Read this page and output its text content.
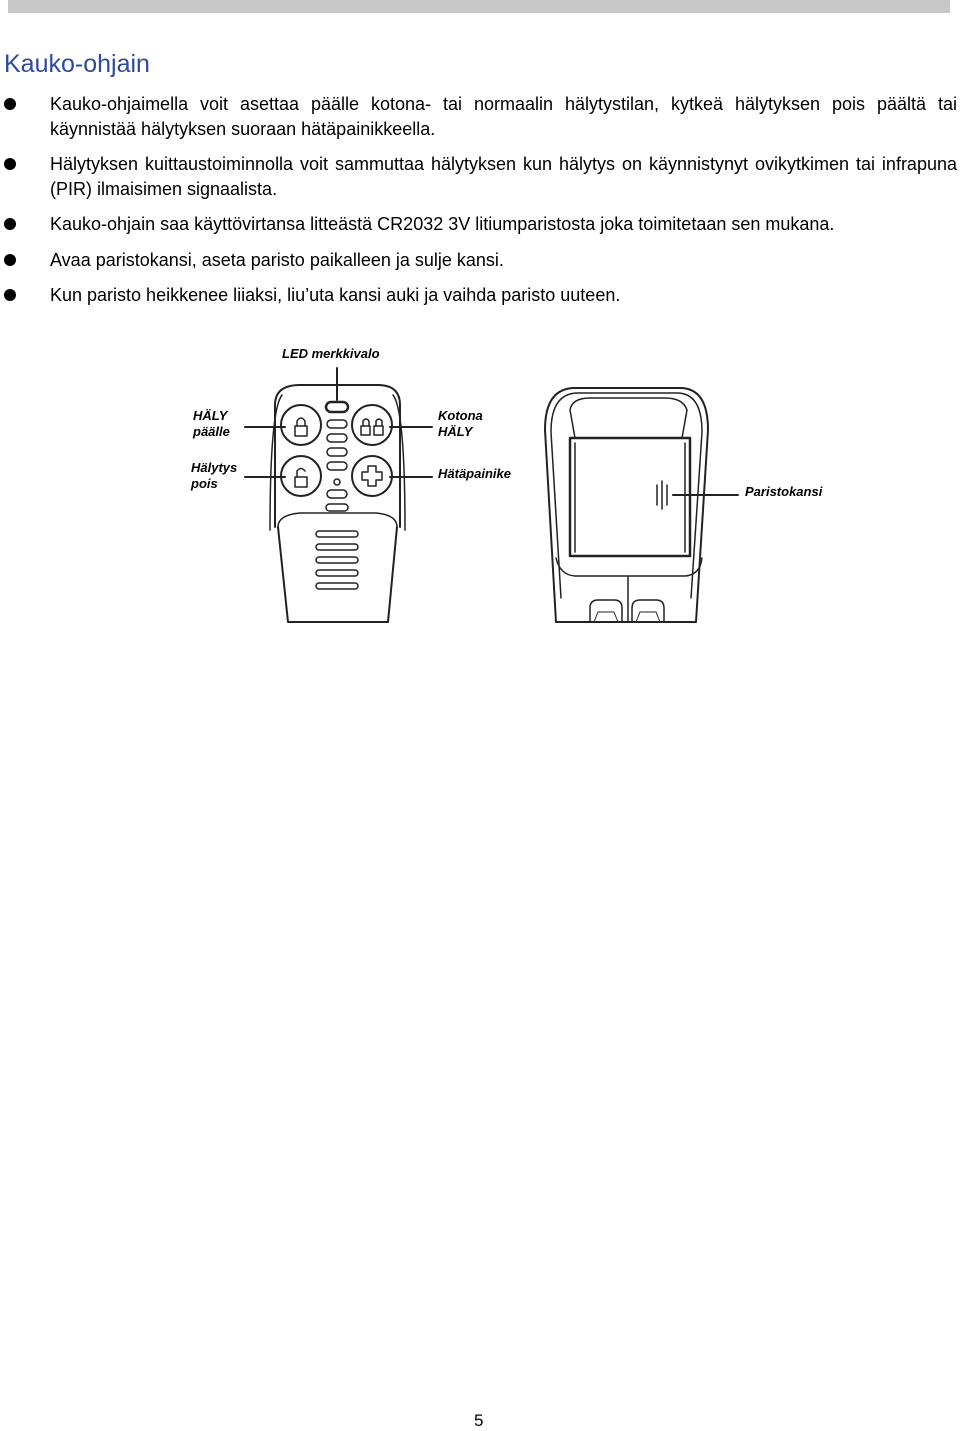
Kauko-ohjain
Kauko-ohjaimella voit asettaa päälle kotona- tai normaalin hälytystilan, kytkeä hälytyksen pois päältä tai käynnistää hälytyksen suoraan hätäpainikkeella.
Hälytyksen kuittaustoiminnolla voit sammuttaa hälytyksen kun hälytys on käynnistynyt ovikytkimen tai infrapuna (PIR) ilmaisimen signaalista.
Kauko-ohjain saa käyttövirtansa litteästä CR2032 3V litiumparistosta joka toimitetaan sen mukana.
Avaa paristokansi, aseta paristo paikalleen ja sulje kansi.
Kun paristo heikkenee liiaksi, liu’uta kansi auki ja vaihda paristo uuteen.
LED merkkivalo
HÄLY
päälle
Hälytys
pois
Kotona
HÄLY
Hätäpainike
Paristokansi
5
